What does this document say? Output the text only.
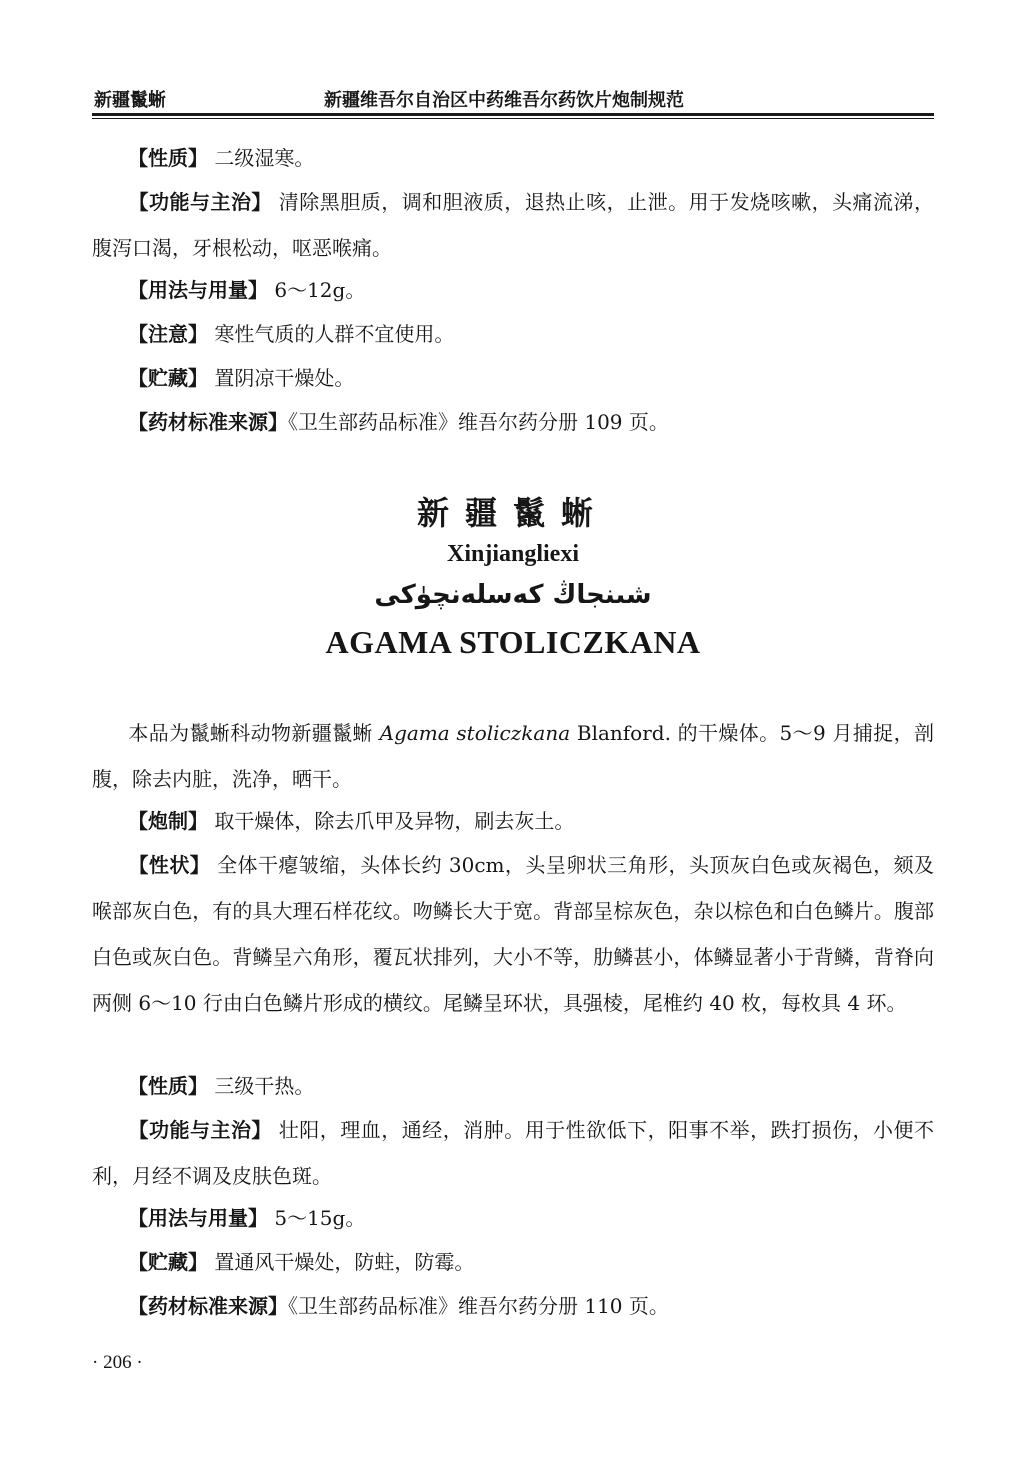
新疆鬣蜥	新疆维吾尔自治区中药维吾尔药饮片炮制规范
【性质】 二级湿寒。
【功能与主治】 清除黑胆质，调和胆液质，退热止咳，止泄。用于发烧咳嗽，头痛流涕，腹泻口渴，牙根松动，呕恶喉痛。
【用法与用量】 6～12g。
【注意】 寒性气质的人群不宜使用。
【贮藏】 置阴凉干燥处。
【药材标准来源】《卫生部药品标准》维吾尔药分册 109 页。
新疆鬣蜥
Xinjianglіexi
شىنجاڭ كەسلەنچۈكى
AGAMA STOLICZKANA
本品为鬣蜥科动物新疆鬣蜥 Agama stoliczkana Blanford. 的干燥体。5～9 月捕捉，剖腹，除去内脏，洗净，晒干。
【炮制】 取干燥体，除去爪甲及异物，刷去灰土。
【性状】 全体干瘪皱缩，头体长约 30cm，头呈卵状三角形，头顶灰白色或灰褐色，颏及喉部灰白色，有的具大理石样花纹。吻鳞长大于宽。背部呈棕灰色，杂以棕色和白色鳞片。腹部白色或灰白色。背鳞呈六角形，覆瓦状排列，大小不等，肋鳞甚小，体鳞显著小于背鳞，背脊向两侧 6～10 行由白色鳞片形成的横纹。尾鳞呈环状，具强棱，尾椎约 40 枚，每枚具 4 环。
【性质】 三级干热。
【功能与主治】 壮阳，理血，通经，消肿。用于性欲低下，阳事不举，跌打损伤，小便不利，月经不调及皮肤色斑。
【用法与用量】 5～15g。
【贮藏】 置通风干燥处，防蛀，防霉。
【药材标准来源】《卫生部药品标准》维吾尔药分册 110 页。
· 206 ·
